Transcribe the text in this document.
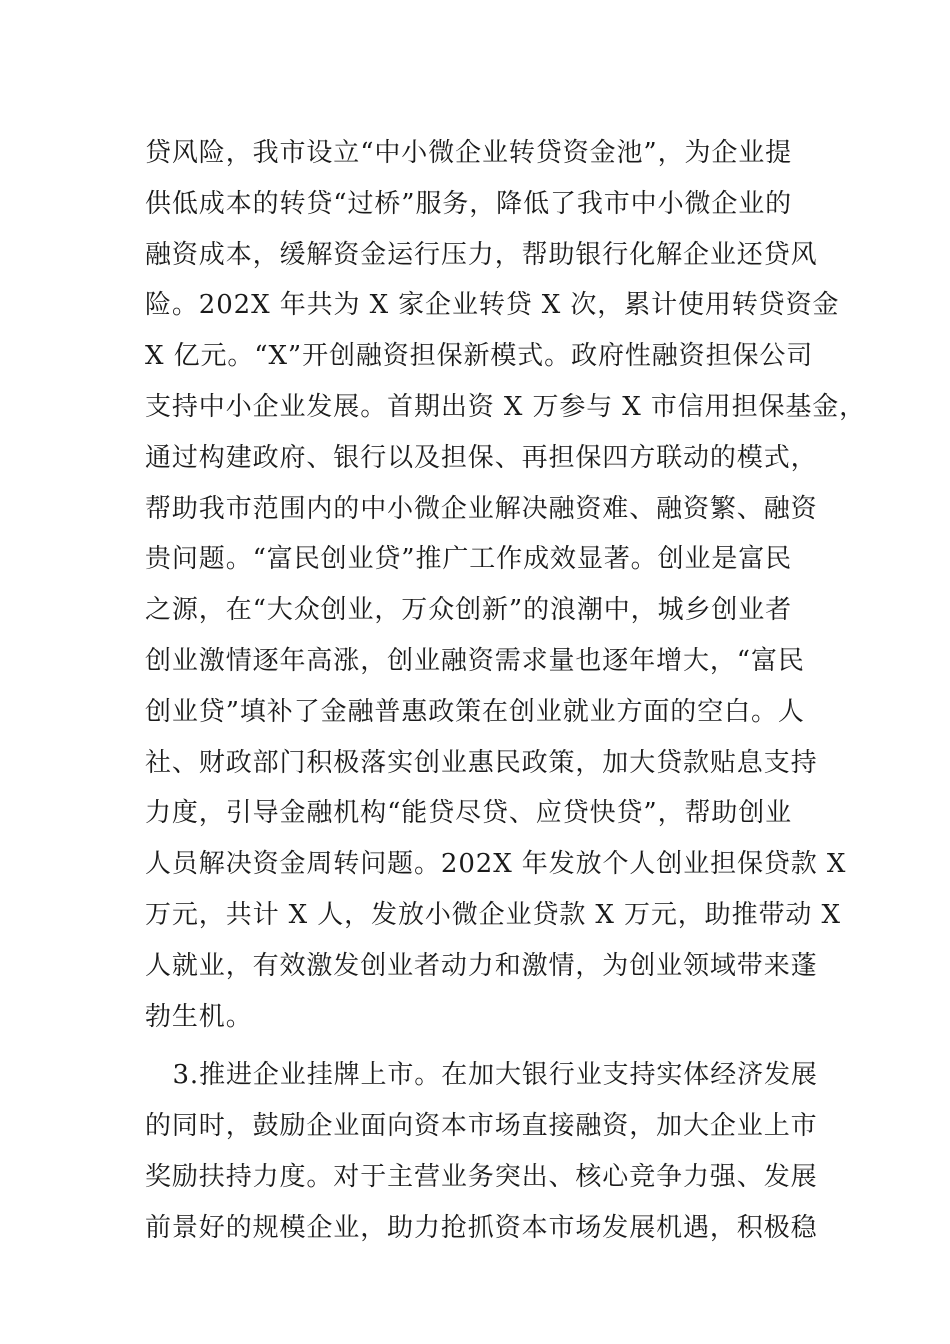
贷风险，我市设立“中小微企业转贷资金池”，为企业提
供低成本的转贷“过桥”服务，降低了我市中小微企业的
融资成本，缓解资金运行压力，帮助银行化解企业还贷风
险。202X 年共为 X 家企业转贷 X 次，累计使用转贷资金
X 亿元。“X”开创融资担保新模式。政府性融资担保公司
支持中小企业发展。首期出资 X 万参与 X 市信用担保基金，
通过构建政府、银行以及担保、再担保四方联动的模式，
帮助我市范围内的中小微企业解决融资难、融资繁、融资
贵问题。“富民创业贷”推广工作成效显著。创业是富民
之源，在“大众创业，万众创新”的浪潮中，城乡创业者
创业激情逐年高涨，创业融资需求量也逐年增大，“富民
创业贷”填补了金融普惠政策在创业就业方面的空白。人
社、财政部门积极落实创业惠民政策，加大贷款贴息支持
力度，引导金融机构“能贷尽贷、应贷快贷”，帮助创业
人员解决资金周转问题。202X 年发放个人创业担保贷款 X
万元，共计 X 人，发放小微企业贷款 X 万元，助推带动 X
人就业，有效激发创业者动力和激情，为创业领域带来蓬
勃生机。
3.推进企业挂牌上市。在加大银行业支持实体经济发展
的同时，鼓励企业面向资本市场直接融资，加大企业上市
奖励扶持力度。对于主营业务突出、核心竞争力强、发展
前景好的规模企业，助力抢抓资本市场发展机遇，积极稳
